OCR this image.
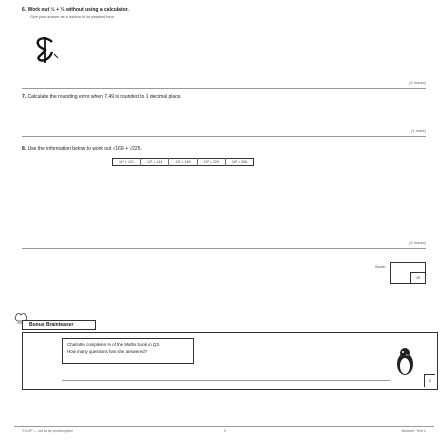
6. Work out ½ + ⅓ without using a calculator.
Give your answer as a fraction in its simplest form.
(2 marks)
7. Calculate the rounding error when 7.49 is rounded to 1 decimal place.
(1 mark)
8. Use the information below to work out √169 + √225.
11² = 121	12² = 144	13² = 169	15² = 225	16² = 256
(2 marks)
Score:
10
Bonus Brainteaser
Charlotte completes ⅔ of the Maths book in Q3.
How many questions has she answered?
2
©CGP — not to be photocopied	5	Number: Test 2
